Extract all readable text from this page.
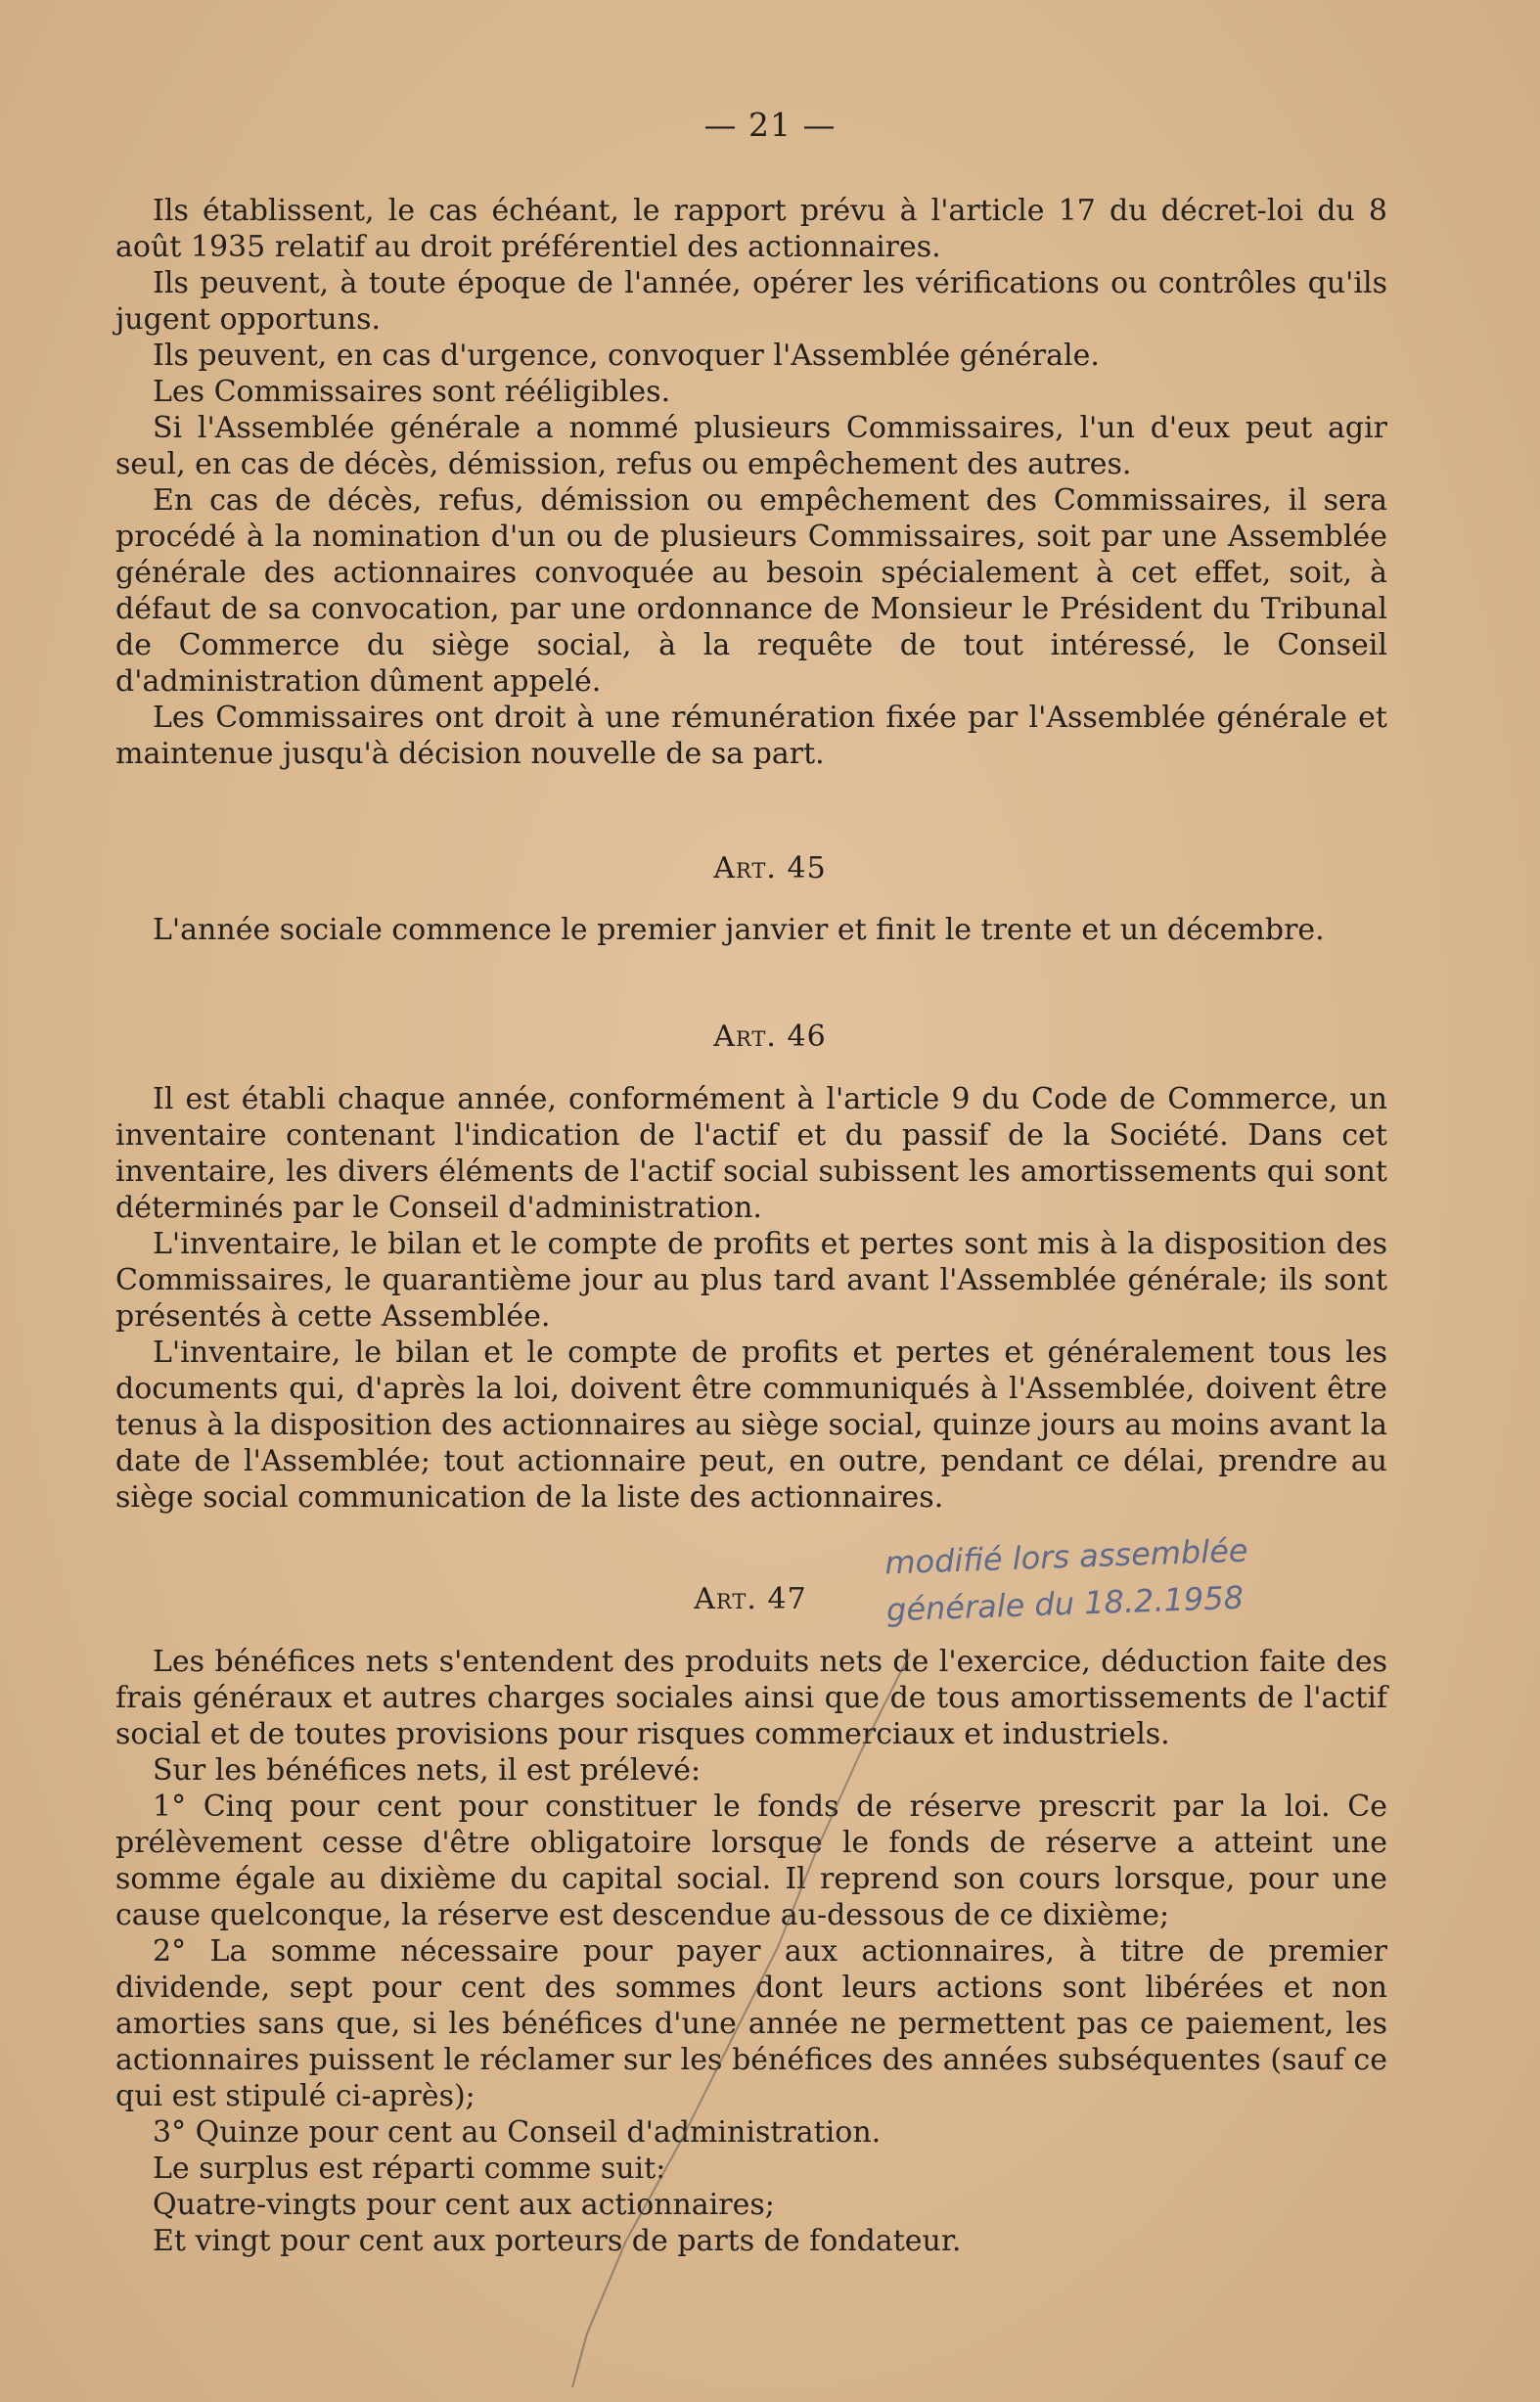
— 21 —

Ils établissent, le cas échéant, le rapport prévu à l'article 17 du décret-loi du 8 août 1935 relatif au droit préférentiel des actionnaires.

Ils peuvent, à toute époque de l'année, opérer les vérifications ou contrôles qu'ils jugent opportuns.

Ils peuvent, en cas d'urgence, convoquer l'Assemblée générale.

Les Commissaires sont rééligibles.

Si l'Assemblée générale a nommé plusieurs Commissaires, l'un d'eux peut agir seul, en cas de décès, démission, refus ou empêchement des autres.

En cas de décès, refus, démission ou empêchement des Commissaires, il sera procédé à la nomination d'un ou de plusieurs Commissaires, soit par une Assemblée générale des actionnaires convoquée au besoin spécialement à cet effet, soit, à défaut de sa convocation, par une ordonnance de Monsieur le Président du Tribunal de Commerce du siège social, à la requête de tout intéressé, le Conseil d'administration dûment appelé.

Les Commissaires ont droit à une rémunération fixée par l'Assemblée générale et maintenue jusqu'à décision nouvelle de sa part.

Art. 45

L'année sociale commence le premier janvier et finit le trente et un décembre.

Art. 46

Il est établi chaque année, conformément à l'article 9 du Code de Commerce, un inventaire contenant l'indication de l'actif et du passif de la Société. Dans cet inventaire, les divers éléments de l'actif social subissent les amortissements qui sont déterminés par le Conseil d'administration.

L'inventaire, le bilan et le compte de profits et pertes sont mis à la disposition des Commissaires, le quarantième jour au plus tard avant l'Assemblée générale; ils sont présentés à cette Assemblée.

L'inventaire, le bilan et le compte de profits et pertes et généralement tous les documents qui, d'après la loi, doivent être communiqués à l'Assemblée, doivent être tenus à la disposition des actionnaires au siège social, quinze jours au moins avant la date de l'Assemblée; tout actionnaire peut, en outre, pendant ce délai, prendre au siège social communication de la liste des actionnaires.

modifié lors assemblée
générale du 18.2.1958
Art. 47

Les bénéfices nets s'entendent des produits nets de l'exercice, déduction faite des frais généraux et autres charges sociales ainsi que de tous amortissements de l'actif social et de toutes provisions pour risques commerciaux et industriels.

Sur les bénéfices nets, il est prélevé:

1° Cinq pour cent pour constituer le fonds de réserve prescrit par la loi. Ce prélèvement cesse d'être obligatoire lorsque le fonds de réserve a atteint une somme égale au dixième du capital social. Il reprend son cours lorsque, pour une cause quelconque, la réserve est descendue au-dessous de ce dixième;

2° La somme nécessaire pour payer aux actionnaires, à titre de premier dividende, sept pour cent des sommes dont leurs actions sont libérées et non amorties sans que, si les bénéfices d'une année ne permettent pas ce paiement, les actionnaires puissent le réclamer sur les bénéfices des années subséquentes (sauf ce qui est stipulé ci-après);

3° Quinze pour cent au Conseil d'administration.

Le surplus est réparti comme suit:

Quatre-vingts pour cent aux actionnaires;

Et vingt pour cent aux porteurs de parts de fondateur.
